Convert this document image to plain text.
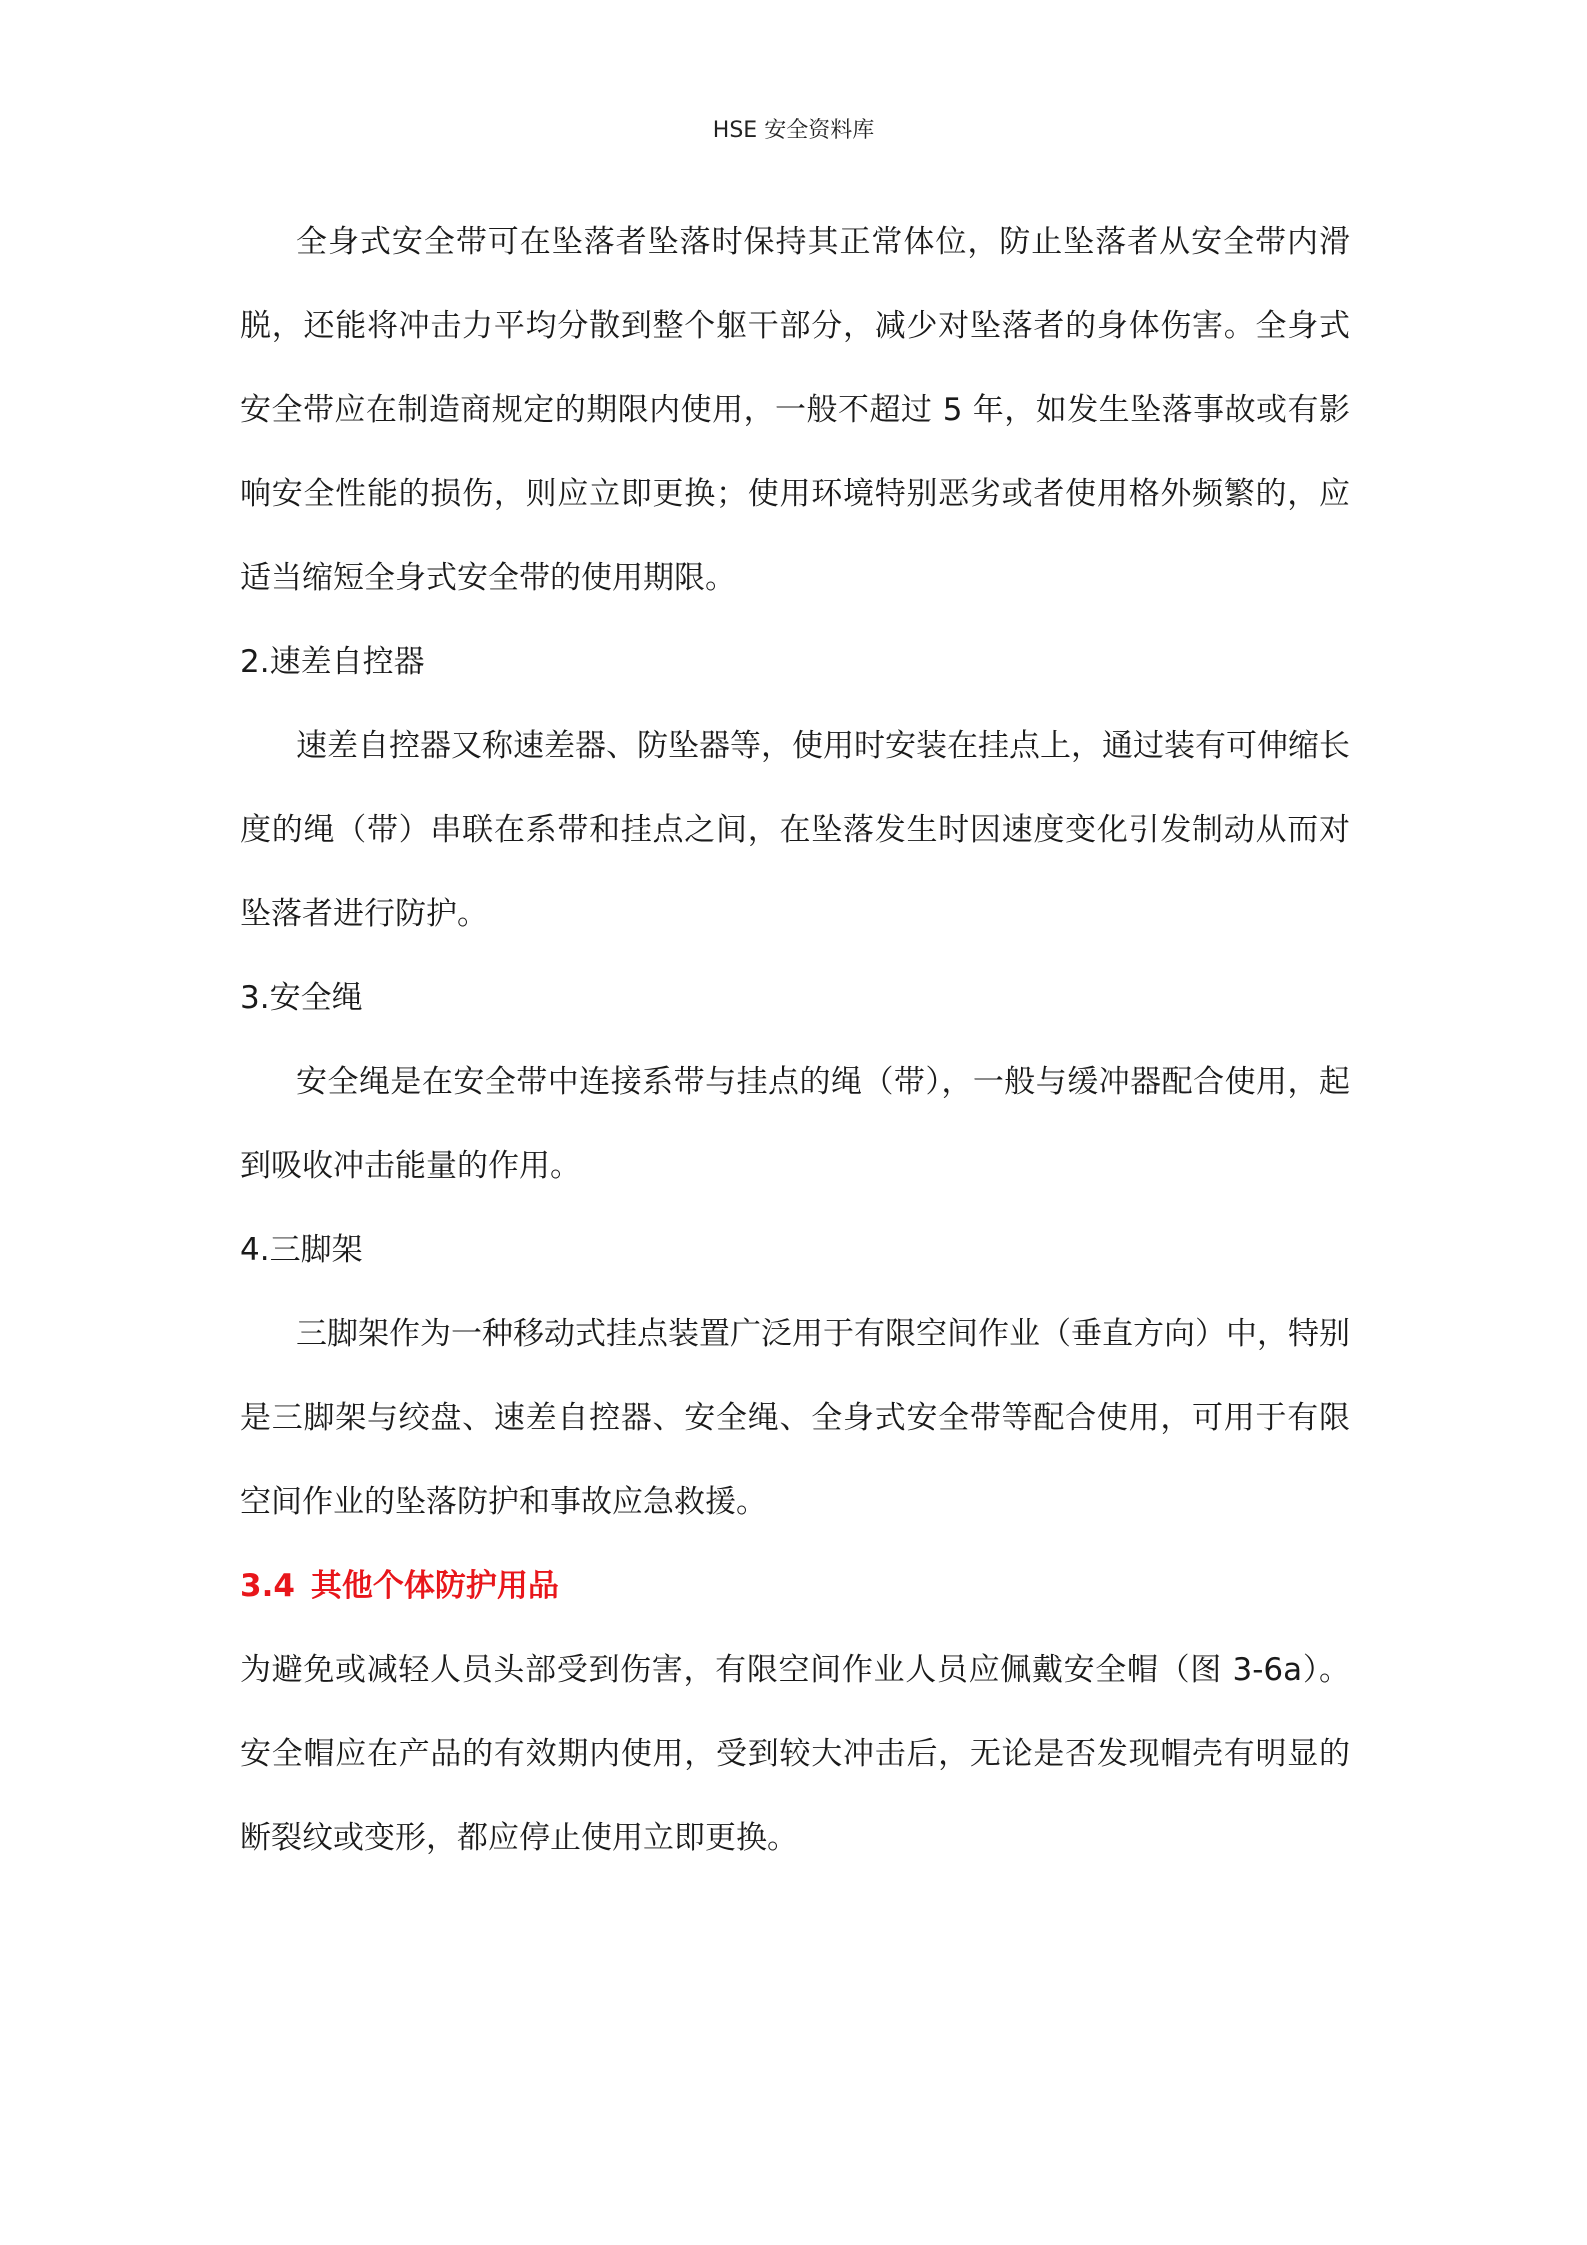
HSE 安全资料库

全身式安全带可在坠落者坠落时保持其正常体位，防止坠落者从安全带内滑脱，还能将冲击力平均分散到整个躯干部分，减少对坠落者的身体伤害。全身式安全带应在制造商规定的期限内使用，一般不超过 5 年，如发生坠落事故或有影响安全性能的损伤，则应立即更换；使用环境特别恶劣或者使用格外频繁的，应适当缩短全身式安全带的使用期限。

2.速差自控器

速差自控器又称速差器、防坠器等，使用时安装在挂点上，通过装有可伸缩长度的绳（带）串联在系带和挂点之间，在坠落发生时因速度变化引发制动从而对坠落者进行防护。

3.安全绳

安全绳是在安全带中连接系带与挂点的绳（带），一般与缓冲器配合使用，起到吸收冲击能量的作用。

4.三脚架

三脚架作为一种移动式挂点装置广泛用于有限空间作业（垂直方向）中，特别是三脚架与绞盘、速差自控器、安全绳、全身式安全带等配合使用，可用于有限空间作业的坠落防护和事故应急救援。

3.4 其他个体防护用品

为避免或减轻人员头部受到伤害，有限空间作业人员应佩戴安全帽（图 3-6a）。安全帽应在产品的有效期内使用，受到较大冲击后，无论是否发现帽壳有明显的断裂纹或变形，都应停止使用立即更换。
